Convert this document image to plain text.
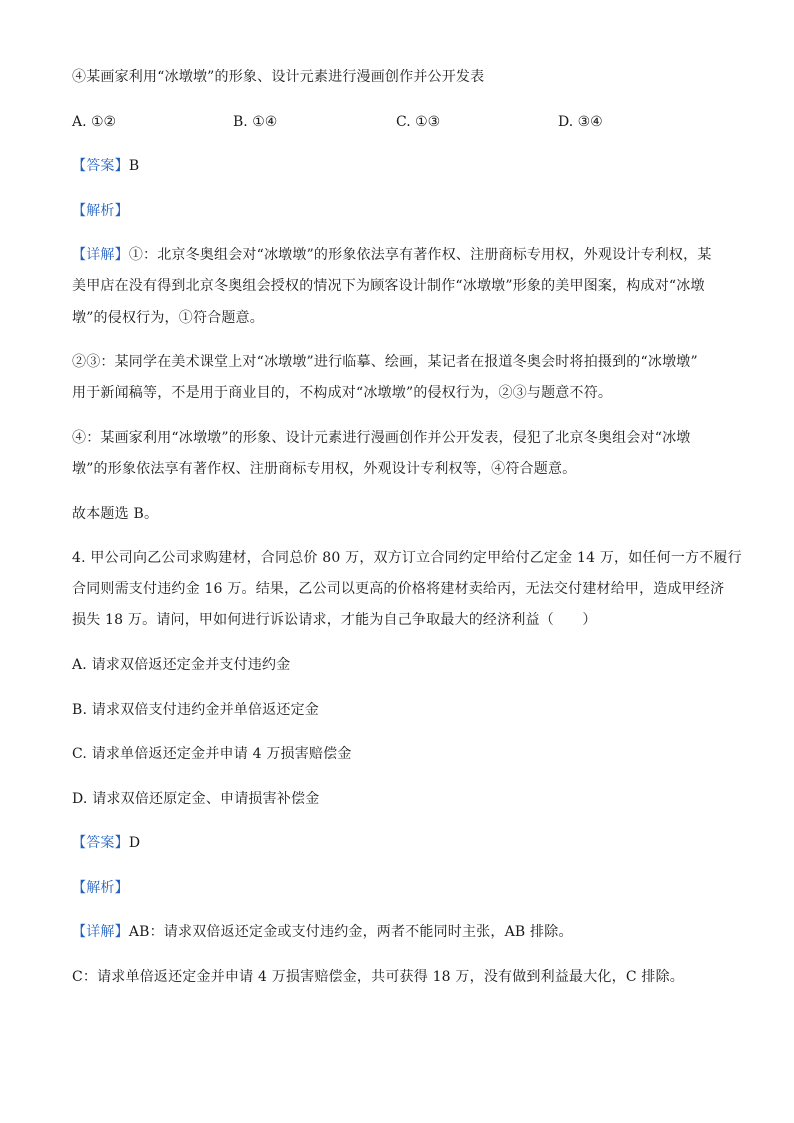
④某画家利用“冰墩墩”的形象、设计元素进行漫画创作并公开发表
A. ①②	B. ①④	C. ①③	D. ③④
【答案】B
【解析】
【详解】①：北京冬奥组会对“冰墩墩”的形象依法享有著作权、注册商标专用权，外观设计专利权，某
美甲店在没有得到北京冬奥组会授权的情况下为顾客设计制作“冰墩墩”形象的美甲图案，构成对“冰墩
墩”的侵权行为，①符合题意。
②③：某同学在美术课堂上对“冰墩墩”进行临摹、绘画，某记者在报道冬奥会时将拍摄到的“冰墩墩”
用于新闻稿等，不是用于商业目的，不构成对“冰墩墩”的侵权行为，②③与题意不符。
④：某画家利用“冰墩墩”的形象、设计元素进行漫画创作并公开发表，侵犯了北京冬奥组会对“冰墩
墩”的形象依法享有著作权、注册商标专用权，外观设计专利权等，④符合题意。
故本题选 B。
4. 甲公司向乙公司求购建材，合同总价 80 万，双方订立合同约定甲给付乙定金 14 万，如任何一方不履行
合同则需支付违约金 16 万。结果，乙公司以更高的价格将建材卖给丙，无法交付建材给甲，造成甲经济
损失 18 万。请问，甲如何进行诉讼请求，才能为自己争取最大的经济利益（　　）
A. 请求双倍返还定金并支付违约金
B. 请求双倍支付违约金并单倍返还定金
C. 请求单倍返还定金并申请 4 万损害赔偿金
D. 请求双倍还原定金、申请损害补偿金
【答案】D
【解析】
【详解】AB：请求双倍返还定金或支付违约金，两者不能同时主张，AB 排除。
C：请求单倍返还定金并申请 4 万损害赔偿金，共可获得 18 万，没有做到利益最大化，C 排除。
